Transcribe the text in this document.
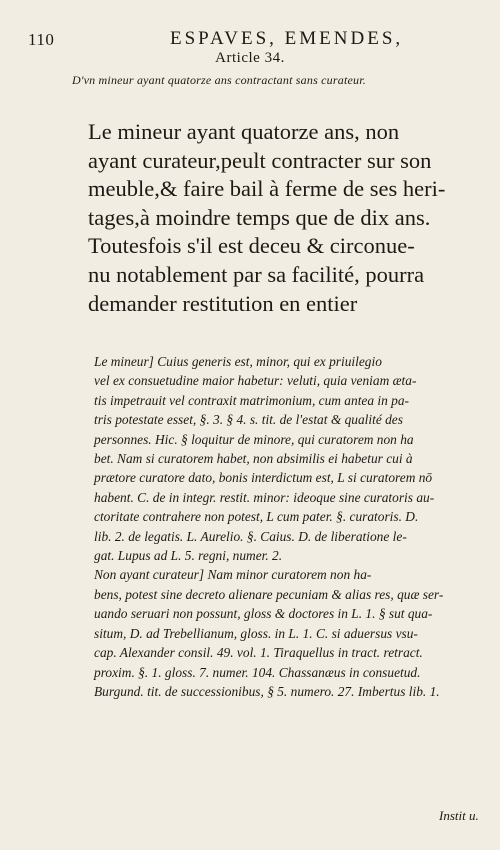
110	ESPAVES, EMENDES,
Article 34.
D'vn mineur ayant quatorze ans contractant sans curateur.
Le mineur ayant quatorze ans, non
ayant curateur,peult contracter sur son
meuble,& faire bail à ferme de ses heri-
tages,à moindre temps que de dix ans.
Toutesfois s'il est deceu & circonue-
nu notablement par sa facilité, pourra
demander restitution en entier
Le mineur] Cuius generis est, minor, qui ex priuilegio
vel ex consuetudine maior habetur: veluti, quia veniam æta-
tis impetrauit vel contraxit matrimonium, cum antea in pa-
tris potestate esset, §. 3. § 4. s. tit. de l'estat & qualité des
personnes. Hic. § loquitur de minore, qui curatorem non ha
bet. Nam si curatorem habet, non absimilis ei habetur cui à
prætore curatore dato, bonis interdictum est, L si curatorem nō
habent. C. de in integr. restit. minor: ideoque sine curatoris au-
ctoritate contrahere non potest, L cum pater. §. curatoris. D.
lib. 2. de legatis. L. Aurelio. §. Caius. D. de liberatione le-
gat. Lupus ad L. 5. regni, numer. 2.
Non ayant curateur] Nam minor curatorem non ha-
bens, potest sine decreto alienare pecuniam & alias res, quæ ser-
uando seruari non possunt, gloss & doctores in L. 1. § sut qua-
situm, D. ad Trebellianum, gloss. in L. 1. C. si aduersus vsu-
cap. Alexander consil. 49. vol. 1. Tiraquellus in tract. retract.
proxim. §. 1. gloss. 7. numer. 104. Chassanæus in consuetud.
Burgund. tit. de successionibus, § 5. numero. 27. Imbertus lib. 1.
Instit u.
